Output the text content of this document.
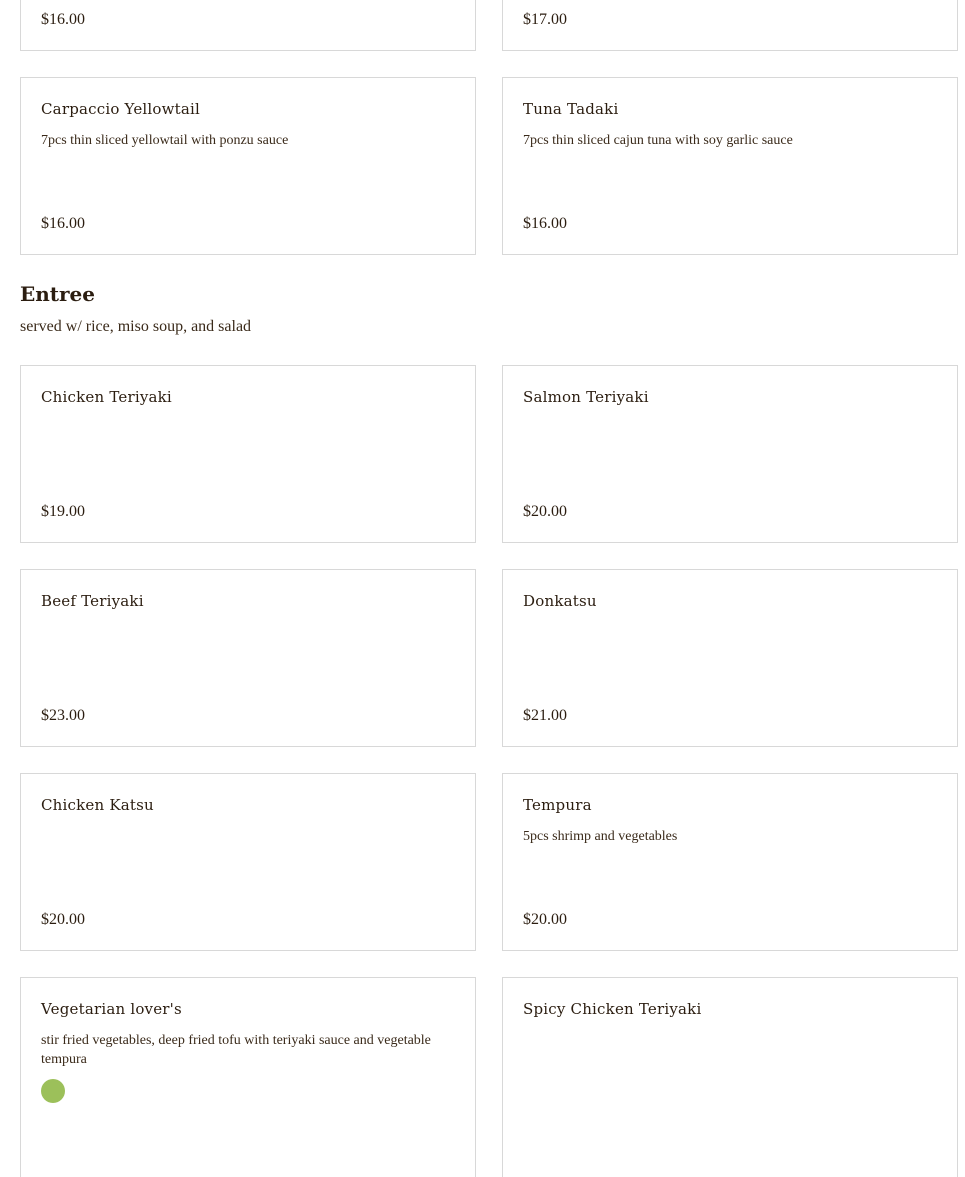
$16.00	$17.00

Carpaccio Yellowtail

7pcs thin sliced yellowtail with ponzu sauce

$16.00

Tuna Tadaki

7pcs thin sliced cajun tuna with soy garlic sauce

$16.00

Entree

served w/ rice, miso soup, and salad

Chicken Teriyaki

$19.00

Salmon Teriyaki

$20.00

Beef Teriyaki

$23.00

Donkatsu

$21.00

Chicken Katsu

$20.00

Tempura

5pcs shrimp and vegetables

$20.00

Vegetarian lover's

stir fried vegetables, deep fried tofu with teriyaki sauce and vegetable tempura

Spicy Chicken Teriyaki
